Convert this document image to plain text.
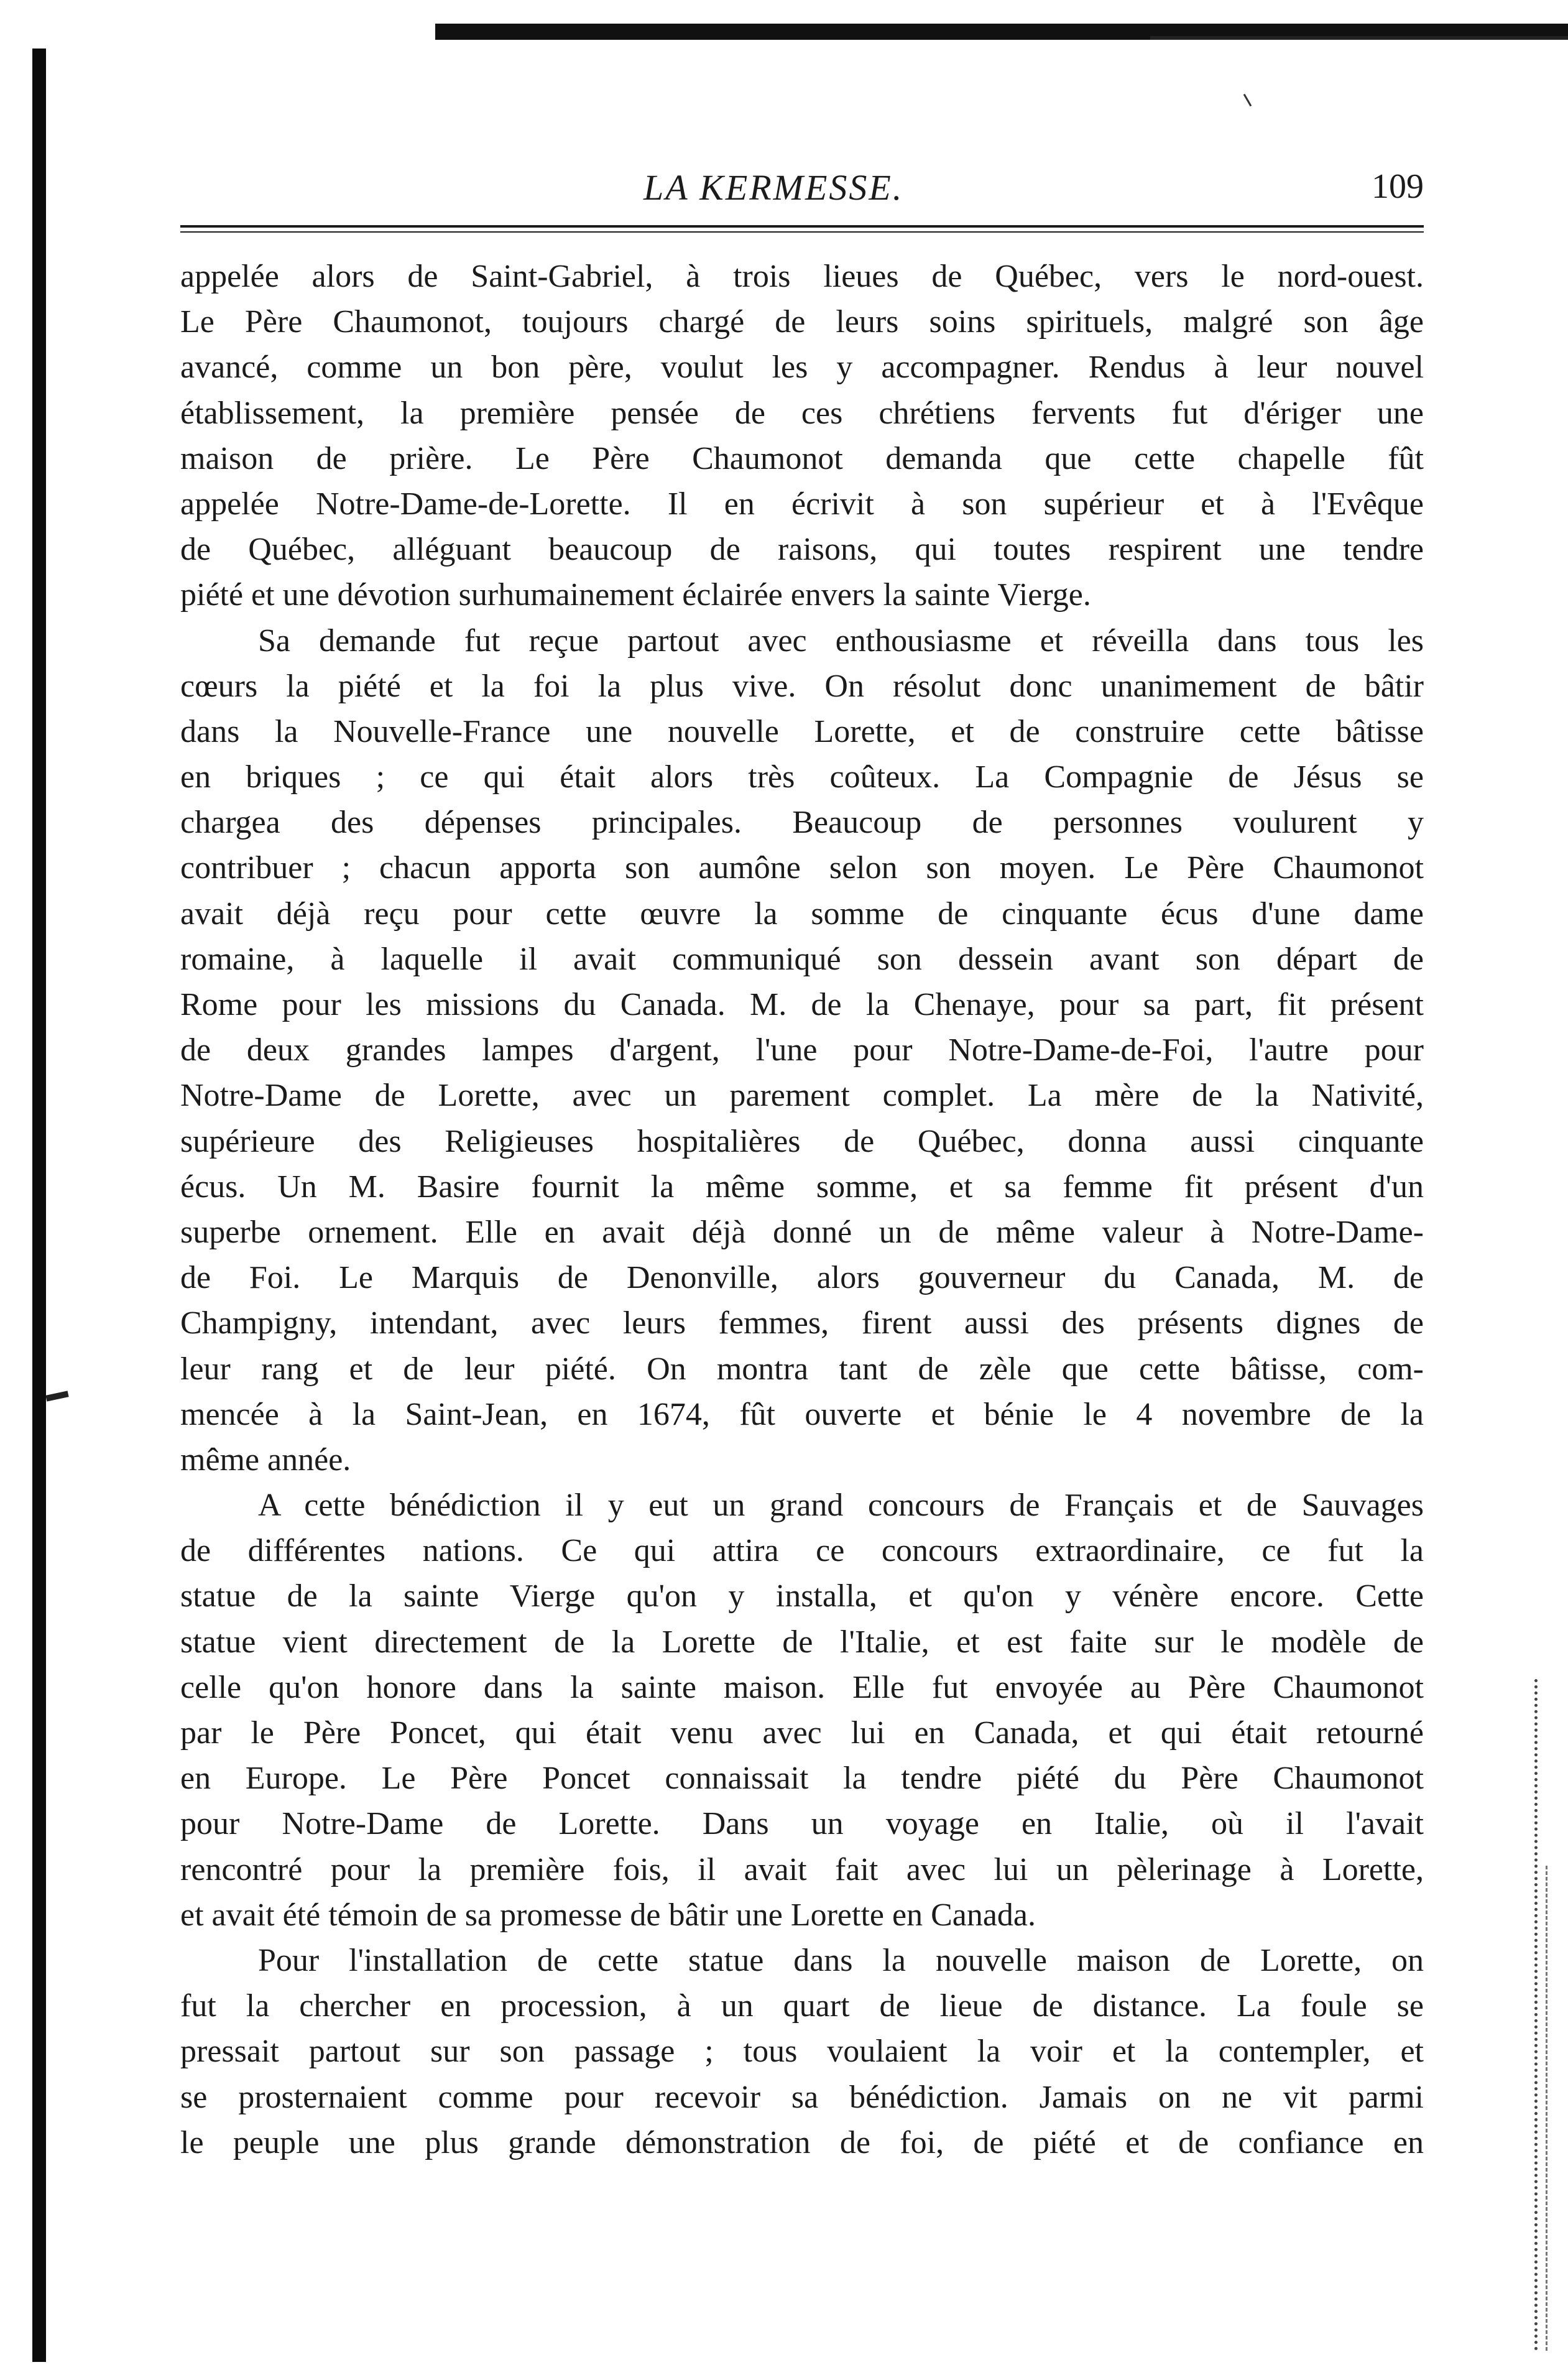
LA KERMESSE.	109
appelée alors de Saint-Gabriel, à trois lieues de Québec, vers le nord-ouest.
Le Père Chaumonot, toujours chargé de leurs soins spirituels, malgré son âge
avancé, comme un bon père, voulut les y accompagner. Rendus à leur nouvel
établissement, la première pensée de ces chrétiens fervents fut d'ériger une
maison de prière. Le Père Chaumonot demanda que cette chapelle fût
appelée Notre-Dame-de-Lorette. Il en écrivit à son supérieur et à l'Evêque
de Québec, alléguant beaucoup de raisons, qui toutes respirent une tendre
piété et une dévotion surhumainement éclairée envers la sainte Vierge.
Sa demande fut reçue partout avec enthousiasme et réveilla dans tous les
cœurs la piété et la foi la plus vive. On résolut donc unanimement de bâtir
dans la Nouvelle-France une nouvelle Lorette, et de construire cette bâtisse
en briques ; ce qui était alors très coûteux. La Compagnie de Jésus se
chargea des dépenses principales. Beaucoup de personnes voulurent y
contribuer ; chacun apporta son aumône selon son moyen. Le Père Chaumonot
avait déjà reçu pour cette œuvre la somme de cinquante écus d'une dame
romaine, à laquelle il avait communiqué son dessein avant son départ de
Rome pour les missions du Canada. M. de la Chenaye, pour sa part, fit présent
de deux grandes lampes d'argent, l'une pour Notre-Dame-de-Foi, l'autre pour
Notre-Dame de Lorette, avec un parement complet. La mère de la Nativité,
supérieure des Religieuses hospitalières de Québec, donna aussi cinquante
écus. Un M. Basire fournit la même somme, et sa femme fit présent d'un
superbe ornement. Elle en avait déjà donné un de même valeur à Notre-Dame-
de Foi. Le Marquis de Denonville, alors gouverneur du Canada, M. de
Champigny, intendant, avec leurs femmes, firent aussi des présents dignes de
leur rang et de leur piété. On montra tant de zèle que cette bâtisse, com-
mencée à la Saint-Jean, en 1674, fût ouverte et bénie le 4 novembre de la
même année.
A cette bénédiction il y eut un grand concours de Français et de Sauvages
de différentes nations. Ce qui attira ce concours extraordinaire, ce fut la
statue de la sainte Vierge qu'on y installa, et qu'on y vénère encore. Cette
statue vient directement de la Lorette de l'Italie, et est faite sur le modèle de
celle qu'on honore dans la sainte maison. Elle fut envoyée au Père Chaumonot
par le Père Poncet, qui était venu avec lui en Canada, et qui était retourné
en Europe. Le Père Poncet connaissait la tendre piété du Père Chaumonot
pour Notre-Dame de Lorette. Dans un voyage en Italie, où il l'avait
rencontré pour la première fois, il avait fait avec lui un pèlerinage à Lorette,
et avait été témoin de sa promesse de bâtir une Lorette en Canada.
Pour l'installation de cette statue dans la nouvelle maison de Lorette, on
fut la chercher en procession, à un quart de lieue de distance. La foule se
pressait partout sur son passage ; tous voulaient la voir et la contempler, et
se prosternaient comme pour recevoir sa bénédiction. Jamais on ne vit parmi
le peuple une plus grande démonstration de foi, de piété et de confiance en
